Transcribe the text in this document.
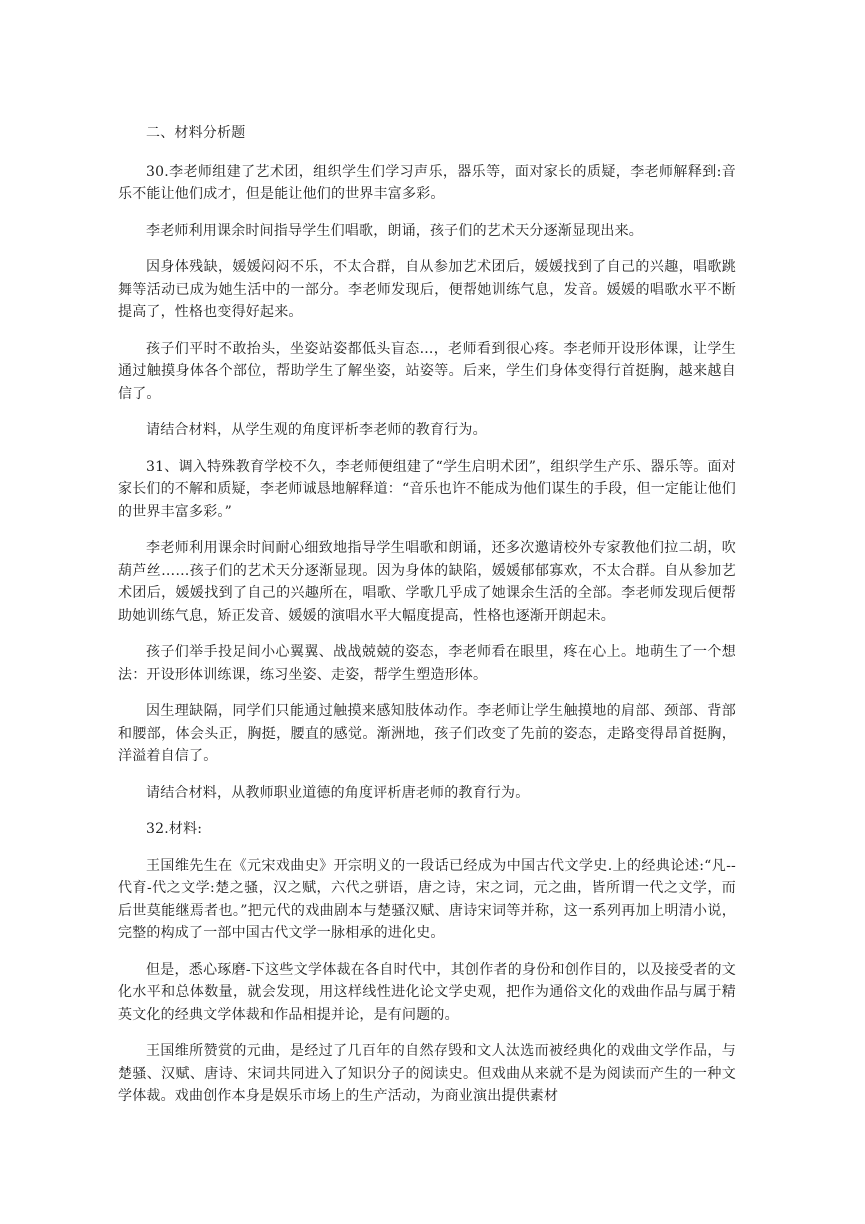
二、材料分析题

30.李老师组建了艺术团，组织学生们学习声乐，器乐等，面对家长的质疑，李老师解释到:音乐不能让他们成才，但是能让他们的世界丰富多彩。

李老师利用课余时间指导学生们唱歌，朗诵，孩子们的艺术天分逐渐显现出来。

因身体残缺，媛媛闷闷不乐，不太合群，自从参加艺术团后，媛媛找到了自己的兴趣，唱歌跳舞等活动已成为她生活中的一部分。李老师发现后，便帮她训练气息，发音。媛媛的唱歌水平不断提高了，性格也变得好起来。

孩子们平时不敢抬头，坐姿站姿都低头盲态...，老师看到很心疼。李老师开设形体课，让学生通过触摸身体各个部位，帮助学生了解坐姿，站姿等。后来，学生们身体变得行首挺胸，越来越自信了。

请结合材料，从学生观的角度评析李老师的教育行为。

31、调入特殊教育学校不久，李老师便组建了“学生启明术团”，组织学生产乐、器乐等。面对家长们的不解和质疑，李老师诚恳地解释道：“音乐也许不能成为他们谋生的手段，但一定能让他们的世界丰富多彩。”

李老师利用课余时间耐心细致地指导学生唱歌和朗诵，还多次邀请校外专家教他们拉二胡，吹葫芦丝……孩子们的艺术天分逐渐显现。因为身体的缺陷，媛媛郁郁寡欢，不太合群。自从参加艺术团后，媛媛找到了自己的兴趣所在，唱歌、学歌几乎成了她课余生活的全部。李老师发现后便帮助她训练气息，矫正发音、媛媛的演唱水平大幅度提高，性格也逐渐开朗起未。

孩子们举手投足间小心翼翼、战战兢兢的姿态，李老师看在眼里，疼在心上。地萌生了一个想法：开设形体训练课，练习坐姿、走姿，帮学生塑造形体。

因生理缺隔，同学们只能通过触摸来感知肢体动作。李老师让学生触摸地的肩部、颈部、背部和腰部，体会头正，胸挺，腰直的感觉。渐洲地，孩子们改变了先前的姿态，走路变得昂首挺胸，洋溢着自信了。

请结合材料，从教师职业道德的角度评析唐老师的教育行为。

32.材料:

王国维先生在《元宋戏曲史》开宗明义的一段话已经成为中国古代文学史.上的经典论述:“凡--代育-代之文学:楚之骚，汉之赋，六代之骈语，唐之诗，宋之词，元之曲，皆所谓一代之文学，而后世莫能继焉者也。”把元代的戏曲剧本与楚骚汉赋、唐诗宋词等并称，这一系列再加上明清小说，完整的构成了一部中国古代文学一脉相承的进化史。

但是，悉心琢磨-下这些文学体裁在各自时代中，其创作者的身份和创作目的，以及接受者的文化水平和总体数量，就会发现，用这样线性进化论文学史观，把作为通俗文化的戏曲作品与属于精英文化的经典文学体裁和作品相提并论，是有问题的。

王国维所赞赏的元曲，是经过了几百年的自然存毁和文人汰选而被经典化的戏曲文学作品，与楚骚、汉赋、唐诗、宋词共同进入了知识分子的阅读史。但戏曲从来就不是为阅读而产生的一种文学体裁。戏曲创作本身是娱乐市场上的生产活动，为商业演出提供素材
